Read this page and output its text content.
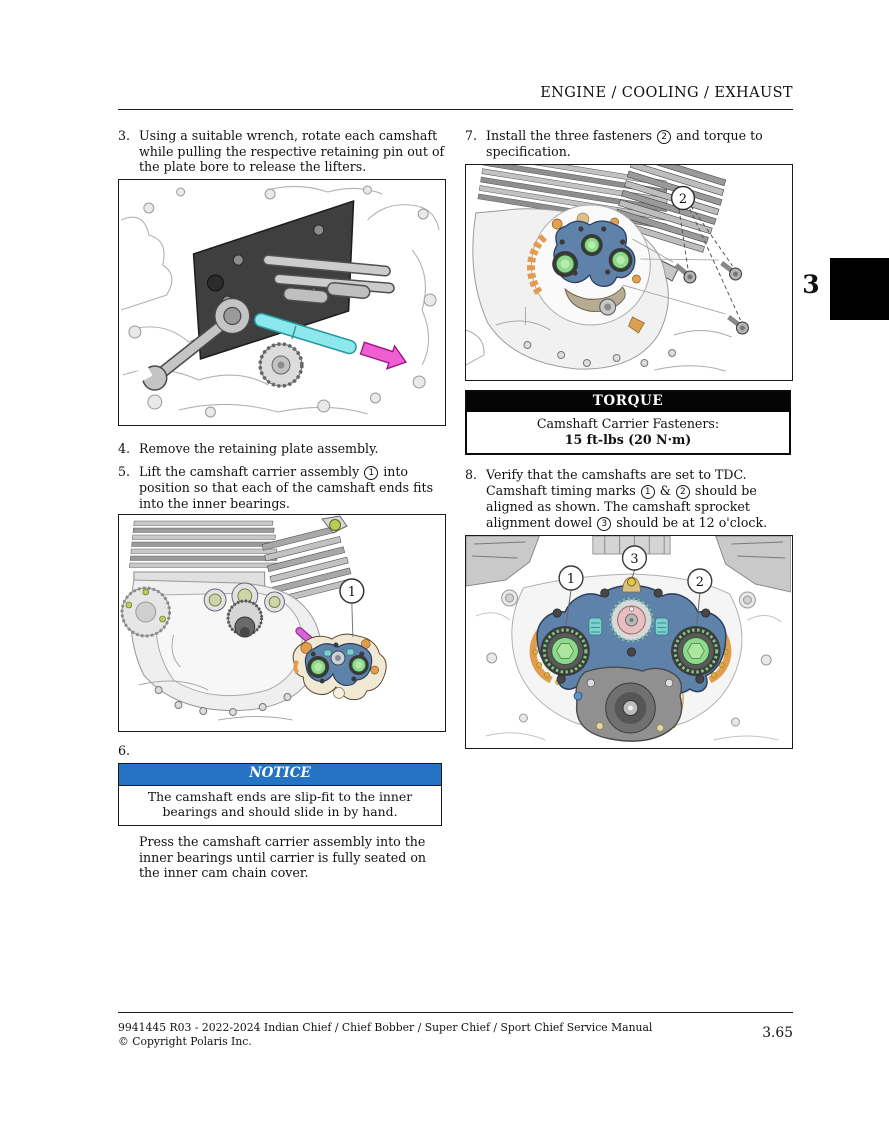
ENGINE / COOLING / EXHAUST
3. Using a suitable wrench, rotate each camshaft while pulling the respective retaining pin out of the plate bore to release the lifters.
4. Remove the retaining plate assembly.
5. Lift the camshaft carrier assembly 1 into position so that each of the camshaft ends fits into the inner bearings.
1
6.
NOTICE
The camshaft ends are slip-fit to the inner bearings and should slide in by hand.
Press the camshaft carrier assembly into the inner bearings until carrier is fully seated on the inner cam chain cover.
7. Install the three fasteners 2 and torque to specification.
2
TORQUE
Camshaft Carrier Fasteners:
15 ft-lbs (20 N·m)
8. Verify that the camshafts are set to TDC. Camshaft timing marks 1 & 2 should be aligned as shown. The camshaft sprocket alignment dowel 3 should be at 12 o'clock.
1
3
2
3
9941445 R03 - 2022-2024 Indian Chief / Chief Bobber / Super Chief / Sport Chief Service Manual
© Copyright Polaris Inc.	3.65
